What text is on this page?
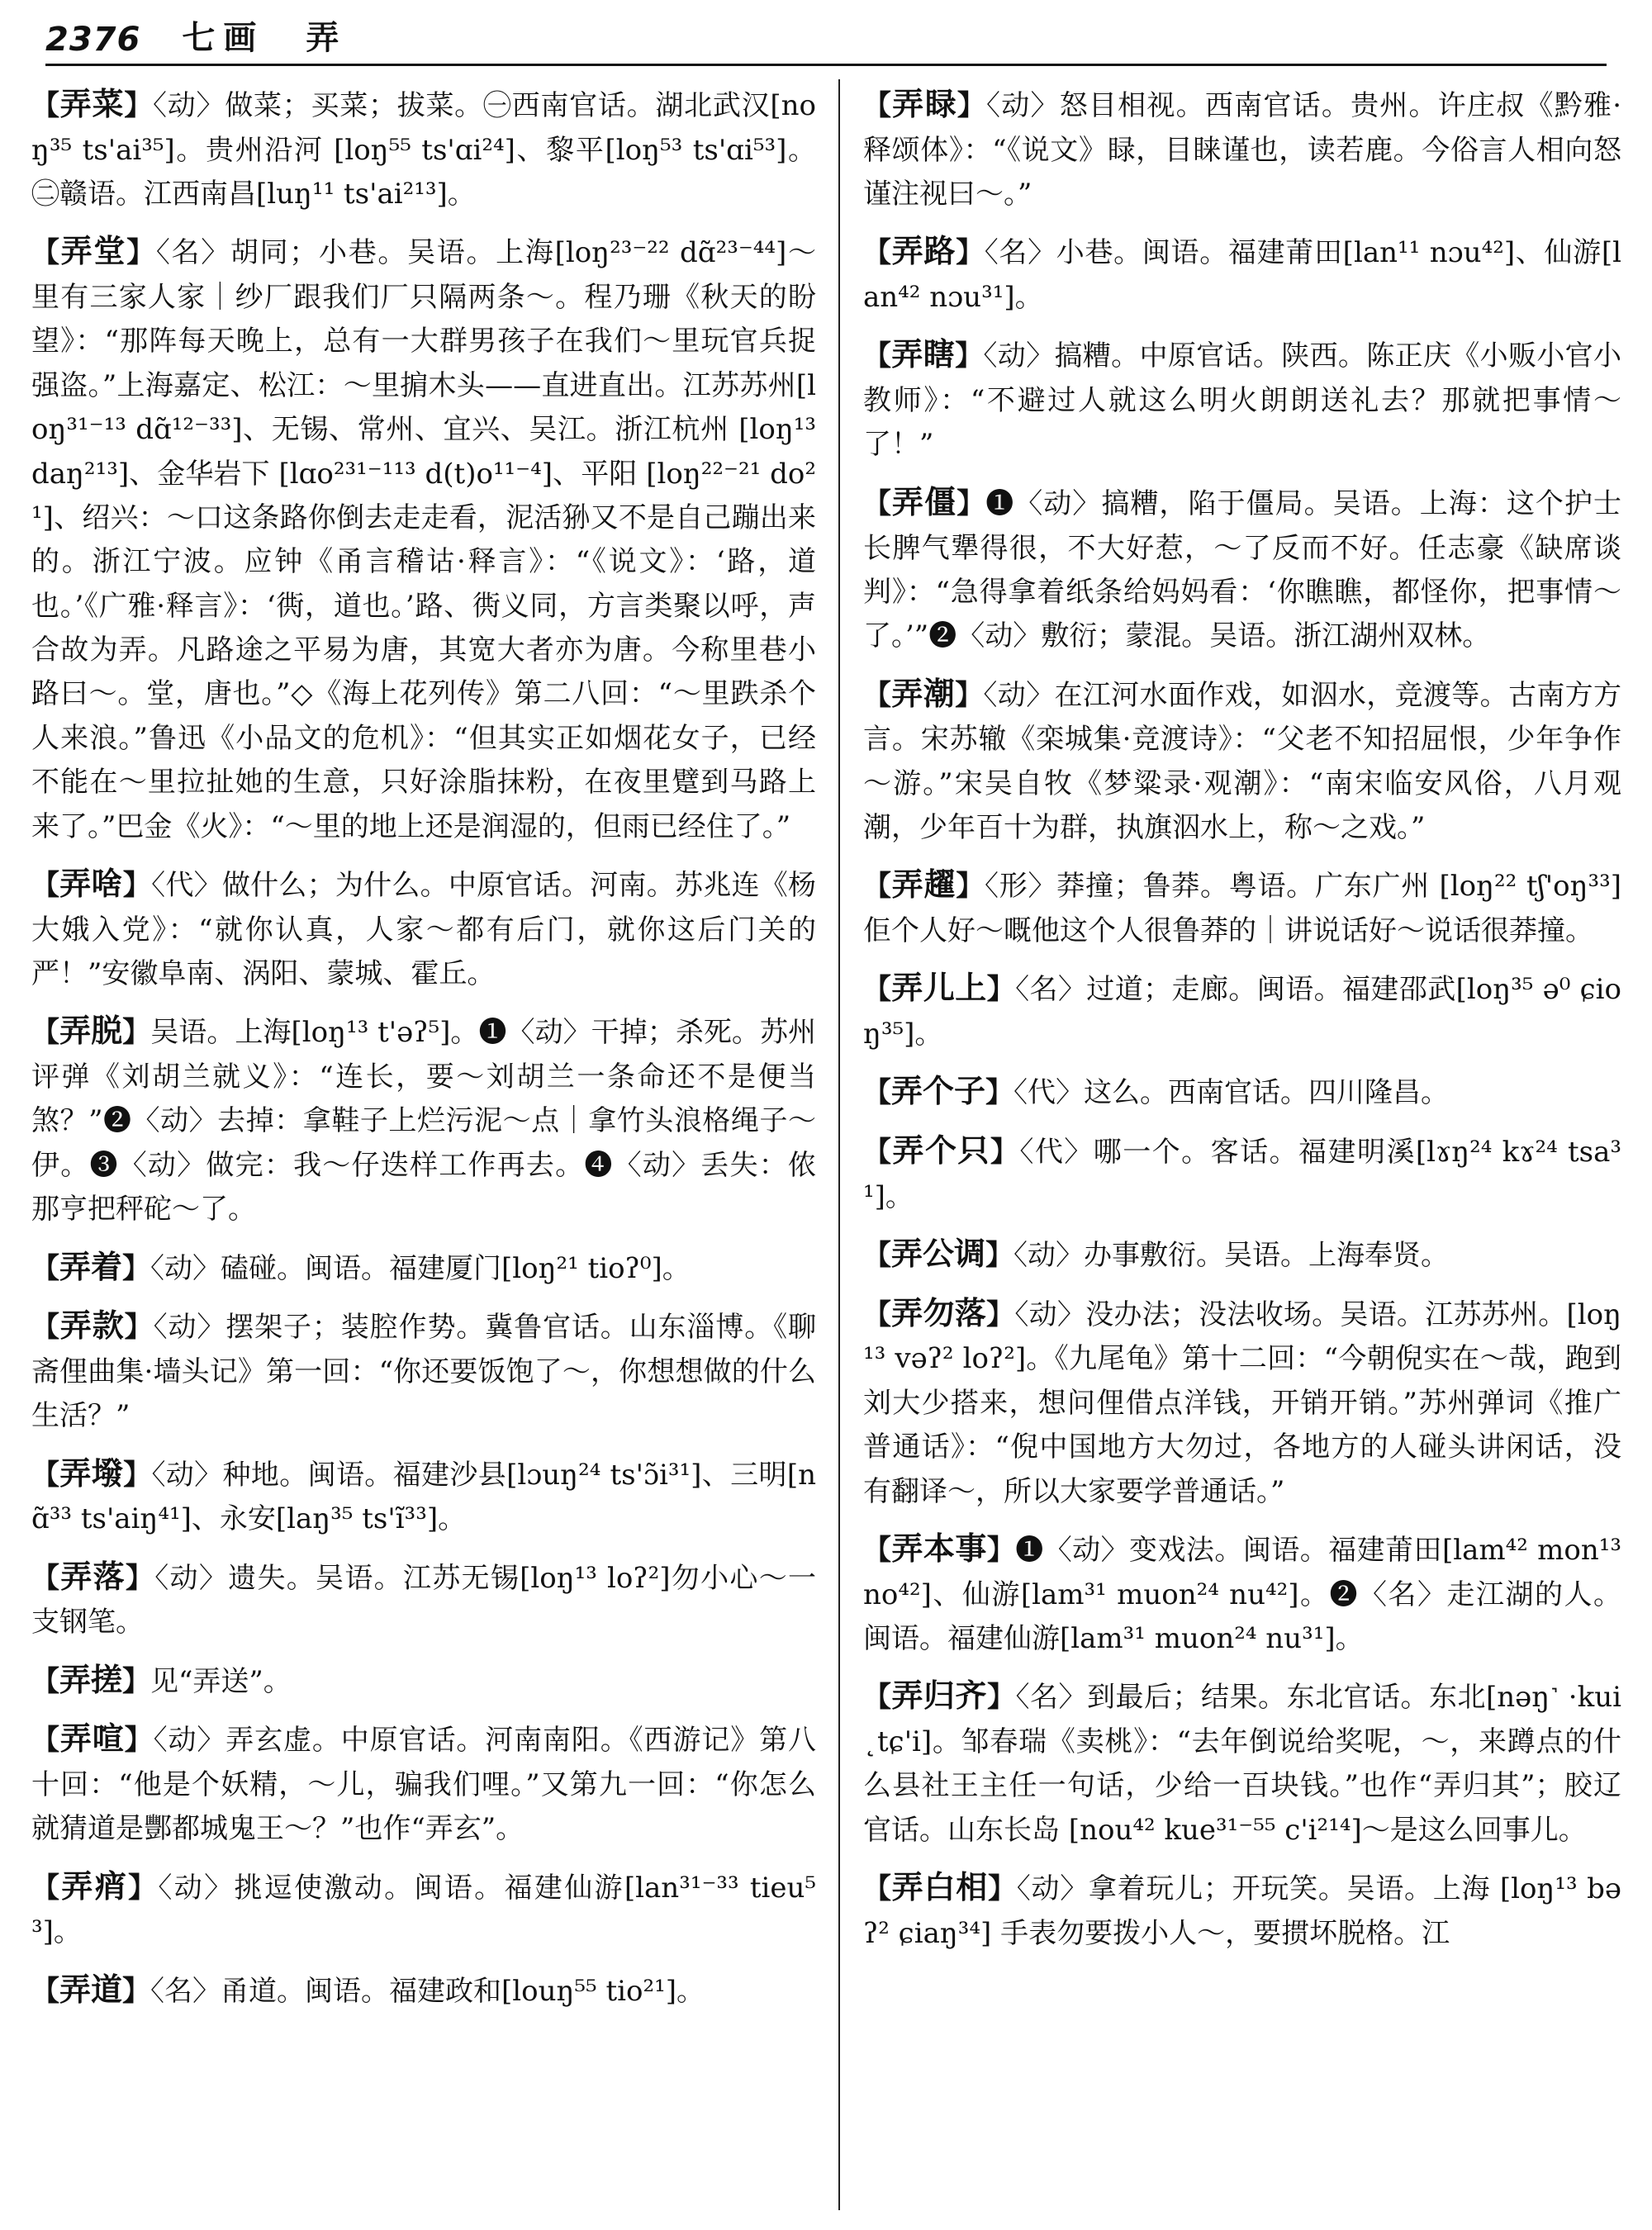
2376 七画 弄
【弄菜】〈动〉做菜；买菜；拔菜。㊀西南官话。湖北武汉[noŋ³⁵ ts'ai³⁵]。贵州沿河 [loŋ⁵⁵ ts'ɑi²⁴]、黎平[loŋ⁵³ ts'ɑi⁵³]。㊁赣语。江西南昌[luŋ¹¹ ts'ai²¹³]。
【弄堂】〈名〉胡同；小巷。吴语。上海[loŋ²³⁻²² dɑ̃²³⁻⁴⁴]～里有三家人家｜纱厂跟我们厂只隔两条～。程乃珊《秋天的盼望》：“那阵每天晚上，总有一大群男孩子在我们～里玩官兵捉强盗。”上海嘉定、松江：～里掮木头——直进直出。江苏苏州[loŋ³¹⁻¹³ dɑ̃¹²⁻³³]、无锡、常州、宜兴、吴江。浙江杭州 [loŋ¹³ daŋ²¹³]、金华岩下 [lɑo²³¹⁻¹¹³ d(t)o¹¹⁻⁴]、平阳 [loŋ²²⁻²¹ do²¹]、绍兴：～口这条路你倒去走走看，泥活狲又不是自己蹦出来的。浙江宁波。应钟《甬言稽诂·释言》：“《说文》：‘路，道也。’《广雅·释言》：‘衖，道也。’路、衖义同，方言类聚以呼，声合故为弄。凡路途之平易为唐，其宽大者亦为唐。今称里巷小路曰～。堂，唐也。”◇《海上花列传》第二八回：“～里跌杀个人来浪。”鲁迅《小品文的危机》：“但其实正如烟花女子，已经不能在～里拉扯她的生意，只好涂脂抹粉，在夜里躄到马路上来了。”巴金《火》：“～里的地上还是润湿的，但雨已经住了。”
【弄啥】〈代〉做什么；为什么。中原官话。河南。苏兆连《杨大娥入党》：“就你认真，人家～都有后门，就你这后门关的严！”安徽阜南、涡阳、蒙城、霍丘。
【弄脱】吴语。上海[loŋ¹³ t'əʔ⁵]。❶〈动〉干掉；杀死。苏州评弹《刘胡兰就义》：“连长，要～刘胡兰一条命还不是便当煞？”❷〈动〉去掉：拿鞋子上烂污泥～点｜拿竹头浪格绳子～伊。❸〈动〉做完：我～仔迭样工作再去。❹〈动〉丢失：侬那亨把秤砣～了。
【弄着】〈动〉磕碰。闽语。福建厦门[loŋ²¹ tioʔ⁰]。
【弄款】〈动〉摆架子；装腔作势。冀鲁官话。山东淄博。《聊斋俚曲集·墙头记》第一回：“你还要饭饱了～，你想想做的什么生活？”
【弄墢】〈动〉种地。闽语。福建沙县[lɔuŋ²⁴ ts'ɔ̃i³¹]、三明[nɑ̃³³ ts'aiŋ⁴¹]、永安[laŋ³⁵ ts'ĩ³³]。
【弄落】〈动〉遗失。吴语。江苏无锡[loŋ¹³ loʔ²]勿小心～一支钢笔。
【弄搓】见“弄送”。
【弄喧】〈动〉弄玄虚。中原官话。河南南阳。《西游记》第八十回：“他是个妖精，～儿，骗我们哩。”又第九一回：“你怎么就猜道是酆都城鬼王～？”也作“弄玄”。
【弄痟】〈动〉挑逗使激动。闽语。福建仙游[lan³¹⁻³³ tieu⁵³]。
【弄道】〈名〉甬道。闽语。福建政和[louŋ⁵⁵ tio²¹]。
【弄睩】〈动〉怒目相视。西南官话。贵州。许庄叔《黔雅·释颂体》：“《说文》睩，目睐谨也，读若鹿。今俗言人相向怒谨注视曰～。”
【弄路】〈名〉小巷。闽语。福建莆田[lan¹¹ nɔu⁴²]、仙游[lan⁴² nɔu³¹]。
【弄瞎】〈动〉搞糟。中原官话。陕西。陈正庆《小贩小官小教师》：“不避过人就这么明火朗朗送礼去？那就把事情～了！”
【弄僵】❶〈动〉搞糟，陷于僵局。吴语。上海：这个护士长脾气犟得很，不大好惹，～了反而不好。任志豪《缺席谈判》：“急得拿着纸条给妈妈看：‘你瞧瞧，都怪你，把事情～了。’”❷〈动〉敷衍；蒙混。吴语。浙江湖州双林。
【弄潮】〈动〉在江河水面作戏，如泅水，竞渡等。古南方方言。宋苏辙《栾城集·竞渡诗》：“父老不知招屈恨，少年争作～游。”宋吴自牧《梦粱录·观潮》：“南宋临安风俗，八月观潮，少年百十为群，执旗泅水上，称～之戏。”
【弄趯】〈形〉莽撞；鲁莽。粤语。广东广州 [loŋ²² tʃ'oŋ³³] 佢个人好～嘅他这个人很鲁莽的｜讲说话好～说话很莽撞。
【弄儿上】〈名〉过道；走廊。闽语。福建邵武[loŋ³⁵ ə⁰ ɕioŋ³⁵]。
【弄个子】〈代〉这么。西南官话。四川隆昌。
【弄个只】〈代〉哪一个。客话。福建明溪[lɤŋ²⁴ kɤ²⁴ tsa³¹]。
【弄公调】〈动〉办事敷衍。吴语。上海奉贤。
【弄勿落】〈动〉没办法；没法收场。吴语。江苏苏州。[loŋ¹³ vəʔ² loʔ²]。《九尾龟》第十二回：“今朝倪实在～哉，跑到刘大少搭来，想问俚借点洋钱，开销开销。”苏州弹词《推广普通话》：“倪中国地方大勿过，各地方的人碰头讲闲话，没有翻译～，所以大家要学普通话。”
【弄本事】❶〈动〉变戏法。闽语。福建莆田[lam⁴² mon¹³ no⁴²]、仙游[lam³¹ muon²⁴ nu⁴²]。❷〈名〉走江湖的人。闽语。福建仙游[lam³¹ muon²⁴ nu³¹]。
【弄归齐】〈名〉到最后；结果。东北官话。东北[nəŋ˺ ·kui ˛tɕ'i]。邹春瑞《卖桃》：“去年倒说给奖呢，～，来蹲点的什么县社王主任一句话，少给一百块钱。”也作“弄归其”；胶辽官话。山东长岛 [nou⁴² kue³¹⁻⁵⁵ c'i²¹⁴]～是这么回事儿。
【弄白相】〈动〉拿着玩儿；开玩笑。吴语。上海 [loŋ¹³ bəʔ² ɕiaŋ³⁴] 手表勿要拨小人～，要掼坏脱格。江
